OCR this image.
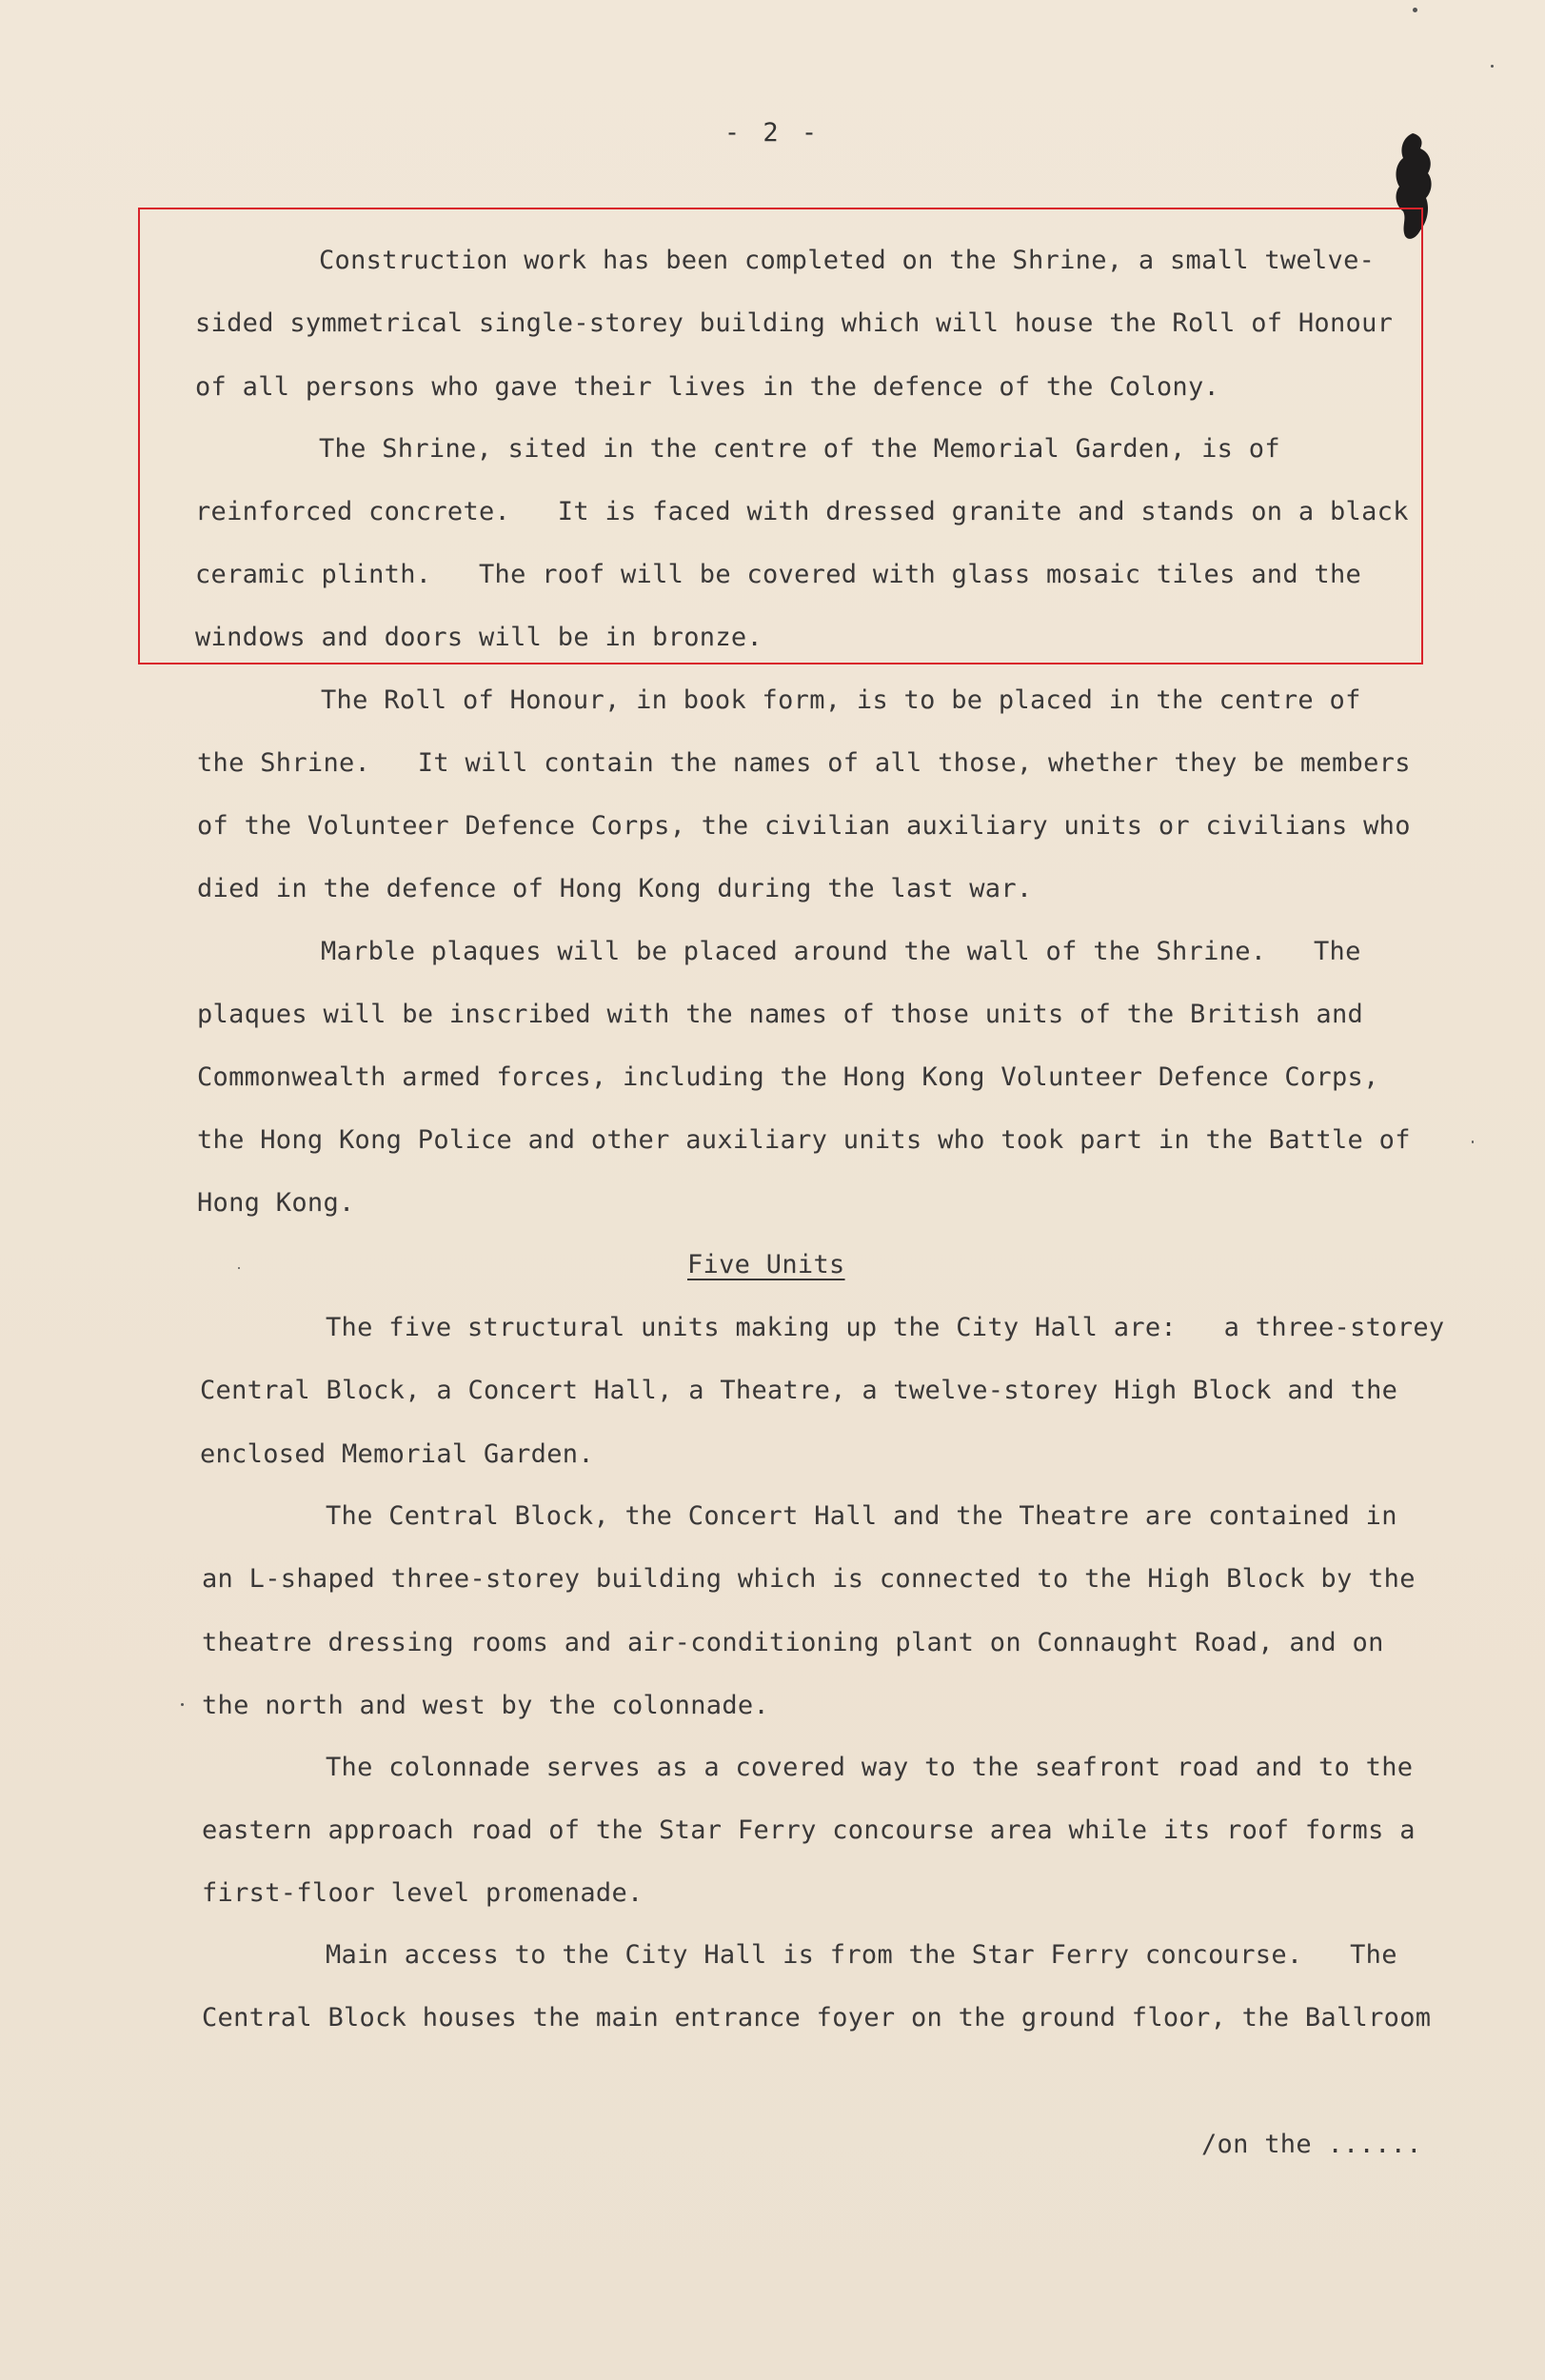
- 2 -
Construction work has been completed on the Shrine, a small twelve-
sided symmetrical single-storey building which will house the Roll of Honour
of all persons who gave their lives in the defence of the Colony.
The Shrine, sited in the centre of the Memorial Garden, is of
reinforced concrete.   It is faced with dressed granite and stands on a black
ceramic plinth.   The roof will be covered with glass mosaic tiles and the
windows and doors will be in bronze.
The Roll of Honour, in book form, is to be placed in the centre of
the Shrine.   It will contain the names of all those, whether they be members
of the Volunteer Defence Corps, the civilian auxiliary units or civilians who
died in the defence of Hong Kong during the last war.
Marble plaques will be placed around the wall of the Shrine.   The
plaques will be inscribed with the names of those units of the British and
Commonwealth armed forces, including the Hong Kong Volunteer Defence Corps,
the Hong Kong Police and other auxiliary units who took part in the Battle of
Hong Kong.
Five Units
The five structural units making up the City Hall are:   a three-storey
Central Block, a Concert Hall, a Theatre, a twelve-storey High Block and the
enclosed Memorial Garden.
The Central Block, the Concert Hall and the Theatre are contained in
an L-shaped three-storey building which is connected to the High Block by the
theatre dressing rooms and air-conditioning plant on Connaught Road, and on
the north and west by the colonnade.
The colonnade serves as a covered way to the seafront road and to the
eastern approach road of the Star Ferry concourse area while its roof forms a
first-floor level promenade.
Main access to the City Hall is from the Star Ferry concourse.   The
Central Block houses the main entrance foyer on the ground floor, the Ballroom
/on the ......
